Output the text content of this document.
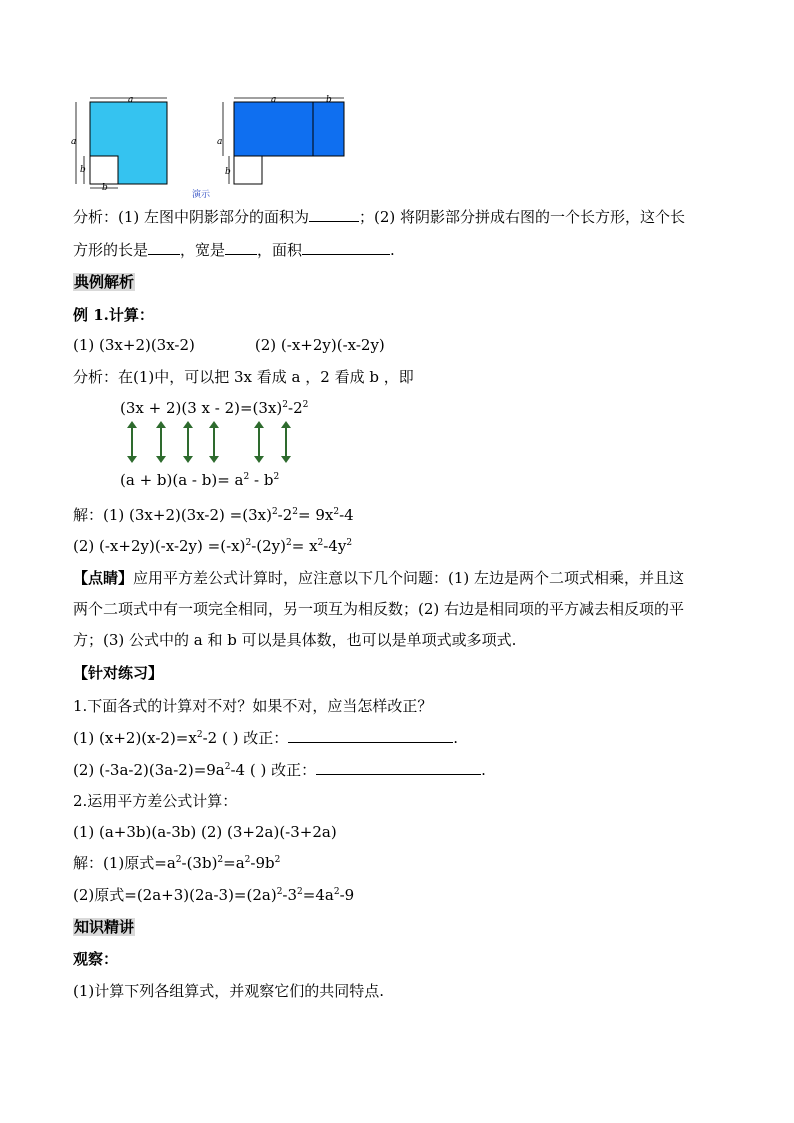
a
a
b
b
a	b
a
b
演示
分析：(1) 左图中阴影部分的面积为	；(2) 将阴影部分拼成右图的一个长方形，这个长
方形的长是 ，宽是 ，面积	.
典例解析
例 1.计算：
(1) (3x+2)(3x-2)	(2) (-x+2y)(-x-2y)
分析：在(1)中，可以把 3x 看成 a ，2 看成 b ，即
(3x + 2)(3 $x - 2)=(3x)^2-2^2$
$(a + b)(a - b)= a^2 - b^2$
解：(1) $(3x+2)(3x-2) =(3x)^2-2^2= 9x^2-4$
(2) $(-x+2y)(-x-2y) =(-x)^2-(2y)^2= x^2-4y^2$
【点睛】应用平方差公式计算时，应注意以下几个问题：(1) 左边是两个二项式相乘，并且这
两个二项式中有一项完全相同，另一项互为相反数；(2) 右边是相同项的平方减去相反项的平
方；(3) 公式中的 a 和 b 可以是具体数，也可以是单项式或多项式.
【针对练习】
1.下面各式的计算对不对？如果不对，应当怎样改正？
(1) $(x+2)(x-2)=x^2-2$ ( ) 改正：	.
(2) $(-3a-2)(3a-2)=9a^2-4$ ( ) 改正：	.
2.运用平方差公式计算：
(1) (a+3b)(a-3b) (2) (3+2a)(-3+2a)
解：(1)原式$=a^2-(3b)^2=a^2-9b^2$
(2)原式$=(2a+3)(2a-3)=(2a)^2-3^2=4a^2-9$
知识精讲
观察：
(1)计算下列各组算式，并观察它们的共同特点.
